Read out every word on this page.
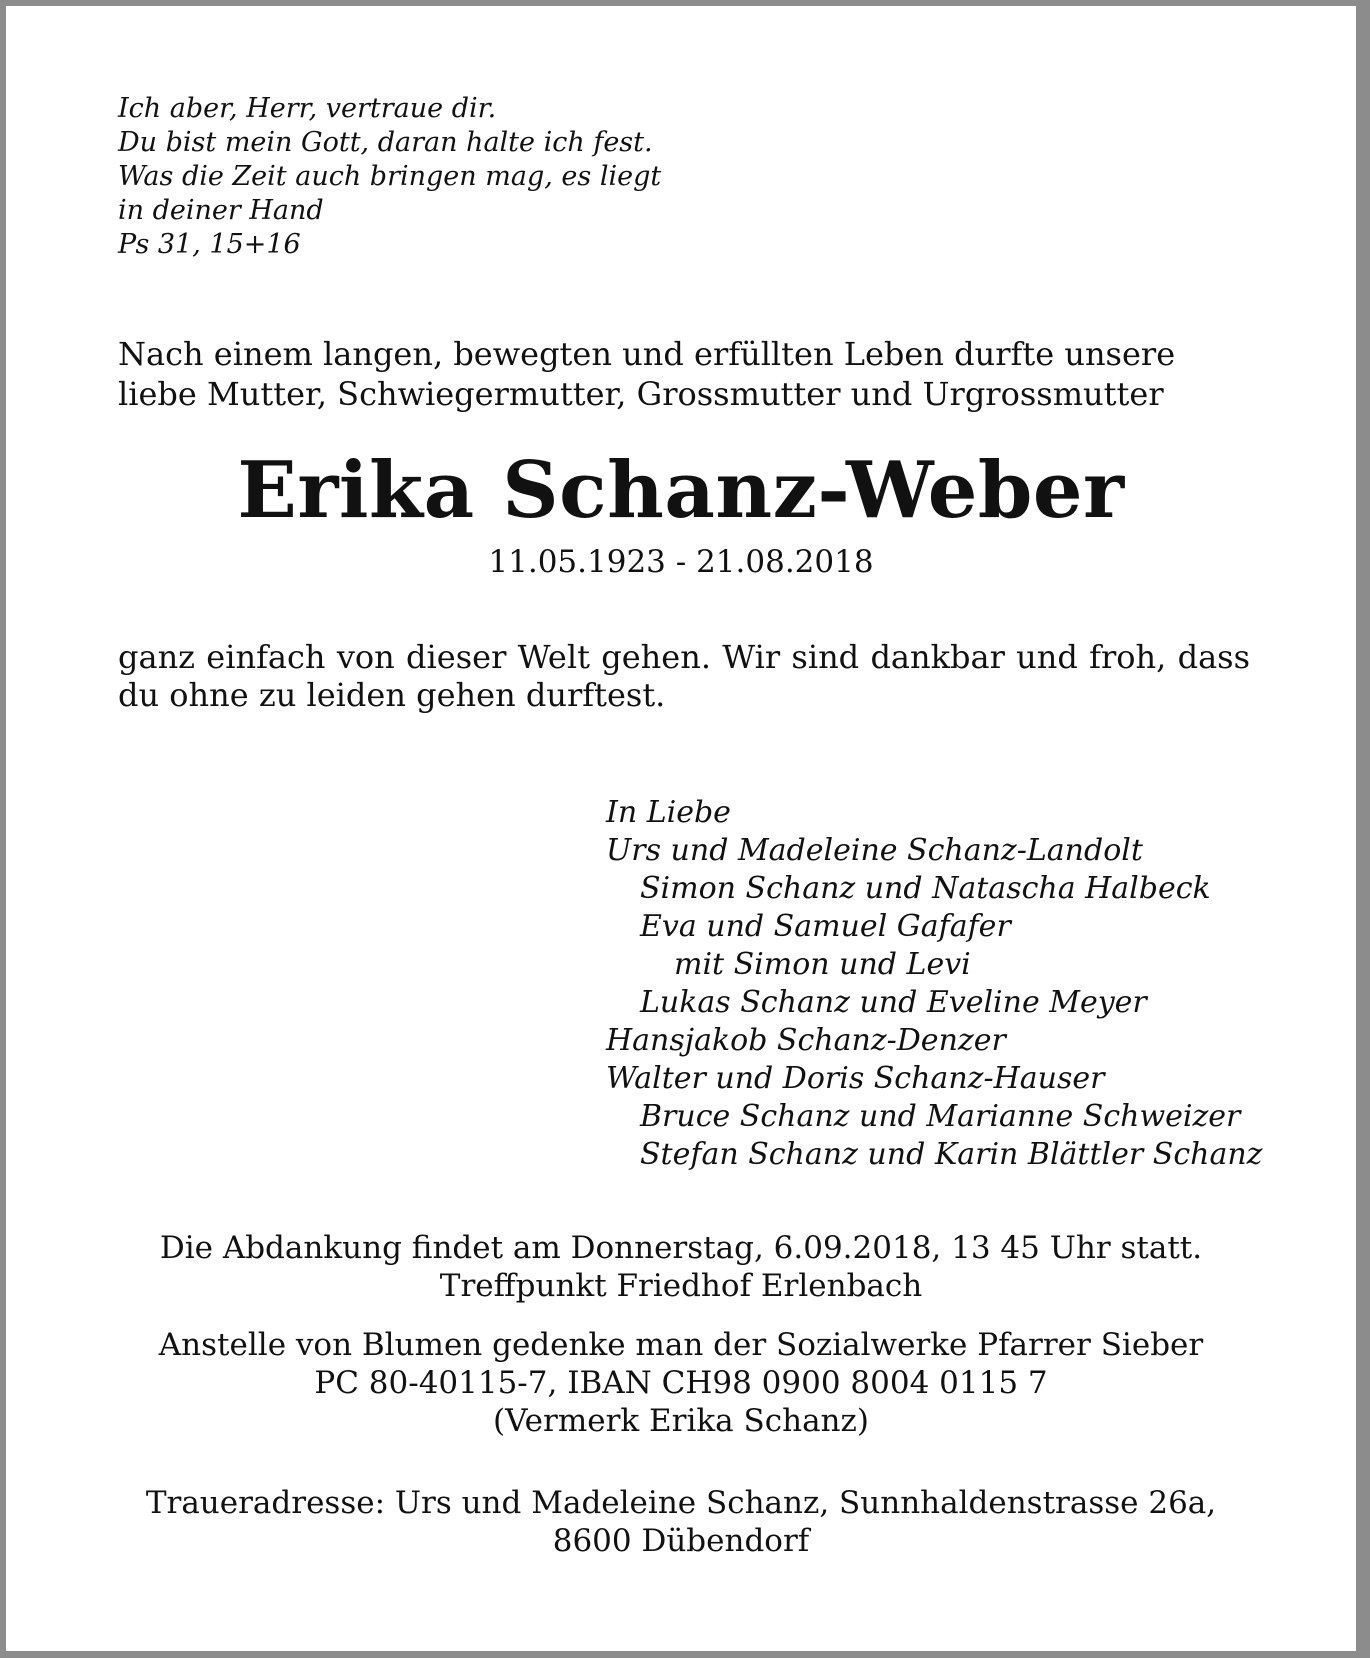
Ich aber, Herr, vertraue dir.
Du bist mein Gott, daran halte ich fest.
Was die Zeit auch bringen mag, es liegt
in deiner Hand
Ps 31, 15+16
Nach einem langen, bewegten und erfüllten Leben durfte unsere
liebe Mutter, Schwiegermutter, Grossmutter und Urgrossmutter
Erika Schanz-Weber
11.05.1923 - 21.08.2018
ganz einfach von dieser Welt gehen. Wir sind dankbar und froh, dass du ohne zu leiden gehen durftest.
In Liebe
Urs und Madeleine Schanz-Landolt
Simon Schanz und Natascha Halbeck
Eva und Samuel Gafafer
mit Simon und Levi
Lukas Schanz und Eveline Meyer
Hansjakob Schanz-Denzer
Walter und Doris Schanz-Hauser
Bruce Schanz und Marianne Schweizer
Stefan Schanz und Karin Blättler Schanz
Die Abdankung findet am Donnerstag, 6.09.2018, 13 45 Uhr statt.
Treffpunkt Friedhof Erlenbach
Anstelle von Blumen gedenke man der Sozialwerke Pfarrer Sieber
PC 80-40115-7, IBAN CH98 0900 8004 0115 7
(Vermerk Erika Schanz)
Traueradresse: Urs und Madeleine Schanz, Sunnhaldenstrasse 26a,
8600 Dübendorf
